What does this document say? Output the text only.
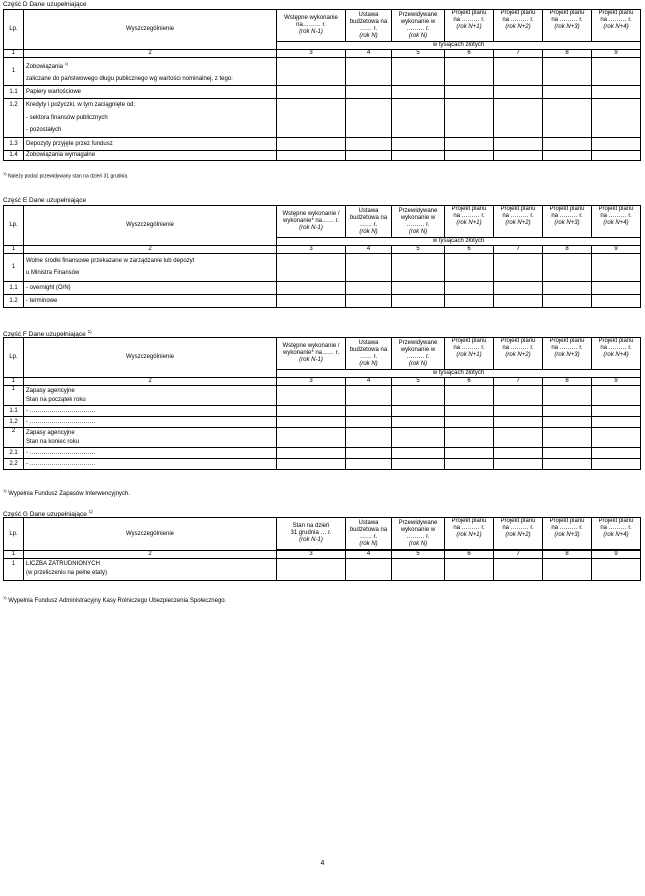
Część D Dane uzupełniające
Lp.	Wyszczególnienie	Wstępne wykonanie
na……… r.
(rok N-1)	Ustawa
budżetowa na
…… r.
(rok N)	Przewidywane
wykonanie w
……… r.
(rok N)	Projekt planu
na ……… r.
(rok N+1)	Projekt planu
na ……… r.
(rok N+2)	Projekt planu
na ……… r.
(rok N+3)	Projekt planu
na ……… r.
(rok N+4)

		w tysiącach złotych						
1	2	3	4	5	6	7	8	9
1	Zobowiązania $^{1)}$
zaliczane do państwowego długu publicznego wg wartości nominalnej, z tego:							

1.1	Papiery wartościowe							
1.2	Kredyty i pożyczki, w tym zaciągnięte od:							
	- sektora finansów publicznych							
	- pozostałych							
1.3	Depozyty przyjęte przez fundusz							
1.4	Zobowiązania wymagalne							
$^{1)}$ Należy podać przewidywany stan na dzień 31 grudnia.
Część E Dane uzupełniające
Lp.	Wyszczególnienie	Wstępne wykonanie /
wykonanie* na…… r.
(rok N-1)	Ustawa
budżetowa na
…… r.
(rok N)	Przewidywane
wykonanie w
……… r.
(rok N)	Projekt planu
na ……… r.
(rok N+1)	Projekt planu
na ……… r.
(rok N+2)	Projekt planu
na ……… r.
(rok N+3)	Projekt planu
na ……… r.
(rok N+4)

		w tysiącach złotych						
1	2	3	4	5	6	7	8	9
1	Wolne środki finansowe przekazane w zarządzanie lub depozyt
u Ministra Finansów							

1.1	- overnight (O/N)							
1.2	- terminowe							
Część F Dane uzupełniające $^{1)}$
Lp.	Wyszczególnienie	Wstępne wykonanie /
wykonanie* na…… r.
(rok N-1)	Ustawa
budżetowa na
…… r.
(rok N)	Przewidywane
wykonanie w
……… r.
(rok N)	Projekt planu
na ……… r.
(rok N+1)	Projekt planu
na ……… r.
(rok N+2)	Projekt planu
na ……… r.
(rok N+3)	Projekt planu
na ……… r.
(rok N+4)

		w tysiącach złotych						
1	2	3	4	5	6	7	8	9
1	Zapasy agencyjne
Stan na początek roku							

1.1	- ……………………………							
1.2	- ……………………………							
2	Zapasy agencyjne
Stan na koniec roku							

2.1	- ……………………………							
2.2	- ……………………………							
$^{1)}$ Wypełnia Fundusz Zapasów Interwencyjnych.
Część G Dane uzupełniające $^{1)}$
Lp.	Wyszczególnienie	Stan na dzień
31 grudnia … r.
(rok N-1)	Ustawa
budżetowa na
…… r.
(rok N)	Przewidywane
wykonanie w
……… r.
(rok N)	Projekt planu
na ……… r.
(rok N+1)	Projekt planu
na ……… r.
(rok N+2)	Projekt planu
na ……… r.
(rok N+3)	Projekt planu
na ……… r.
(rok N+4)

1	2	3	4	5	6	7	8	9
1	LICZBA ZATRUDNIONYCH
(w przeliczeniu na pełne etaty)							

$^{1)}$ Wypełnia Fundusz Administracyjny Kasy Rolniczego Ubezpieczenia Społecznego.
4
